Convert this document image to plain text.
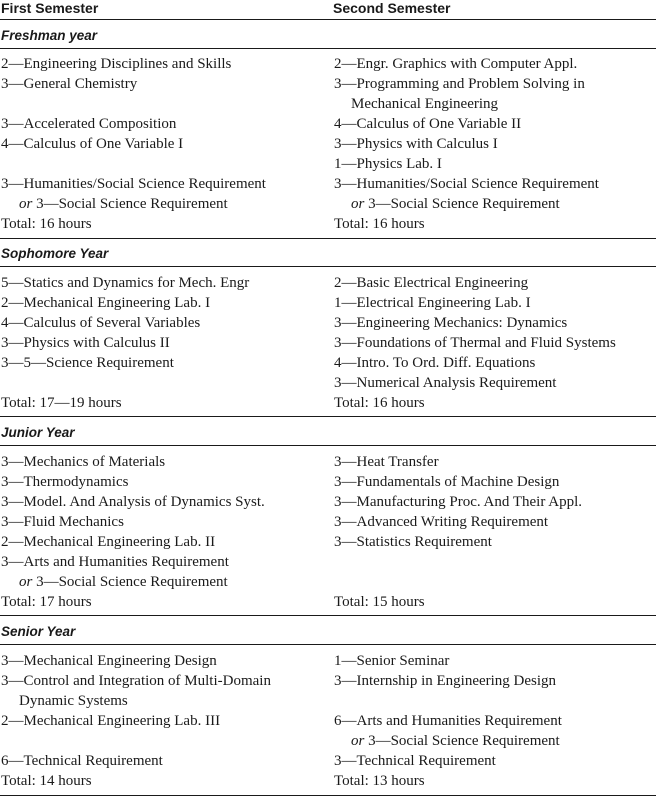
First Semester	Second Semester
Freshman year
Sophomore Year
Junior Year
Senior Year
2—Engineering Disciplines and Skills
3—General Chemistry
3—Accelerated Composition
4—Calculus of One Variable I
3—Humanities/Social Science Requirement
or 3—Social Science Requirement
Total: 16 hours
2—Engr. Graphics with Computer Appl.
3—Programming and Problem Solving in
Mechanical Engineering
4—Calculus of One Variable II
3—Physics with Calculus I
1—Physics Lab. I
3—Humanities/Social Science Requirement
or 3—Social Science Requirement
Total: 16 hours
5—Statics and Dynamics for Mech. Engr
2—Mechanical Engineering Lab. I
4—Calculus of Several Variables
3—Physics with Calculus II
3—5—Science Requirement
Total: 17—19 hours
2—Basic Electrical Engineering
1—Electrical Engineering Lab. I
3—Engineering Mechanics: Dynamics
3—Foundations of Thermal and Fluid Systems
4—Intro. To Ord. Diff. Equations
3—Numerical Analysis Requirement
Total: 16 hours
3—Mechanics of Materials
3—Thermodynamics
3—Model. And Analysis of Dynamics Syst.
3—Fluid Mechanics
2—Mechanical Engineering Lab. II
3—Arts and Humanities Requirement
or 3—Social Science Requirement
Total: 17 hours
3—Heat Transfer
3—Fundamentals of Machine Design
3—Manufacturing Proc. And Their Appl.
3—Advanced Writing Requirement
3—Statistics Requirement
Total: 15 hours
3—Mechanical Engineering Design
3—Control and Integration of Multi-Domain
Dynamic Systems
2—Mechanical Engineering Lab. III
6—Technical Requirement
Total: 14 hours
1—Senior Seminar
3—Internship in Engineering Design
6—Arts and Humanities Requirement
or 3—Social Science Requirement
3—Technical Requirement
Total: 13 hours
